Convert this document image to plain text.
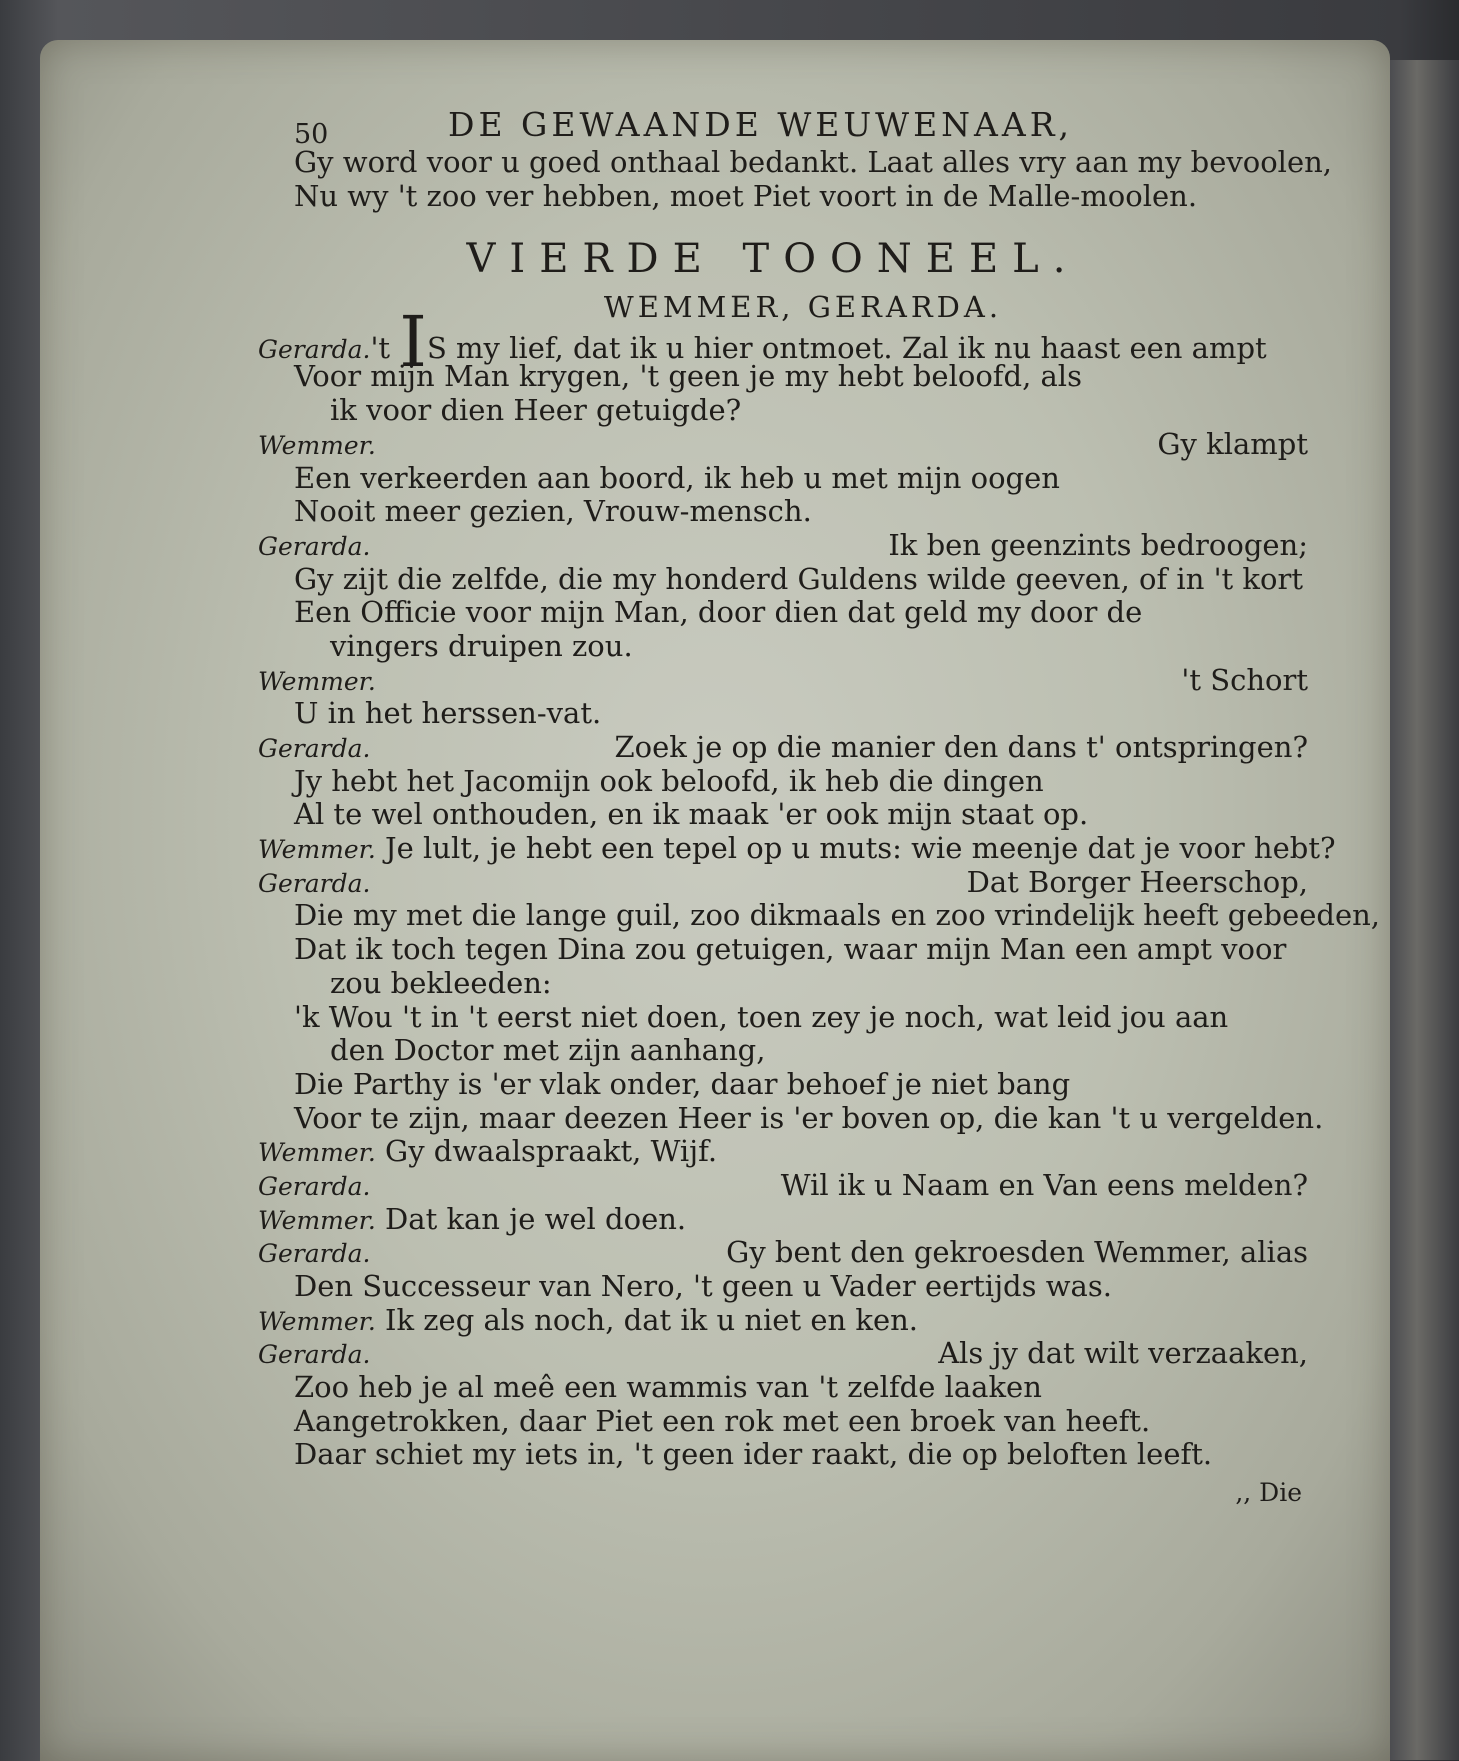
50	DE GEWAANDE WEUWENAAR,
Gy word voor u goed onthaal bedankt. Laat alles vry aan my bevoolen,
Nu wy 't zoo ver hebben, moet Piet voort in de Malle-moolen.
VIERDE TOONEEL.
WEMMER, GERARDA.
Gerarda.'t IS my lief, dat ik u hier ontmoet. Zal ik nu haast een ampt
Voor mijn Man krygen, 't geen je my hebt beloofd, als
ik voor dien Heer getuigde?
Wemmer.	Gy klampt
Een verkeerden aan boord, ik heb u met mijn oogen
Nooit meer gezien, Vrouw-mensch.
Gerarda.	Ik ben geenzints bedroogen;
Gy zijt die zelfde, die my honderd Guldens wilde geeven, of in 't kort
Een Officie voor mijn Man, door dien dat geld my door de
vingers druipen zou.
Wemmer.	't Schort
U in het herssen-vat.
Gerarda.	Zoek je op die manier den dans t' ontspringen?
Jy hebt het Jacomijn ook beloofd, ik heb die dingen
Al te wel onthouden, en ik maak 'er ook mijn staat op.
Wemmer. Je lult, je hebt een tepel op u muts: wie meenje dat je voor hebt?
Gerarda.	Dat Borger Heerschop,
Die my met die lange guil, zoo dikmaals en zoo vrindelijk heeft gebeeden,
Dat ik toch tegen Dina zou getuigen, waar mijn Man een ampt voor
zou bekleeden:
'k Wou 't in 't eerst niet doen, toen zey je noch, wat leid jou aan
den Doctor met zijn aanhang,
Die Parthy is 'er vlak onder, daar behoef je niet bang
Voor te zijn, maar deezen Heer is 'er boven op, die kan 't u vergelden.
Wemmer. Gy dwaalspraakt, Wijf.
Gerarda.	Wil ik u Naam en Van eens melden?
Wemmer. Dat kan je wel doen.
Gerarda.	Gy bent den gekroesden Wemmer, alias
Den Successeur van Nero, 't geen u Vader eertijds was.
Wemmer. Ik zeg als noch, dat ik u niet en ken.
Gerarda.	Als jy dat wilt verzaaken,
Zoo heb je al meê een wammis van 't zelfde laaken
Aangetrokken, daar Piet een rok met een broek van heeft.
Daar schiet my iets in, 't geen ider raakt, die op beloften leeft.
,, Die
